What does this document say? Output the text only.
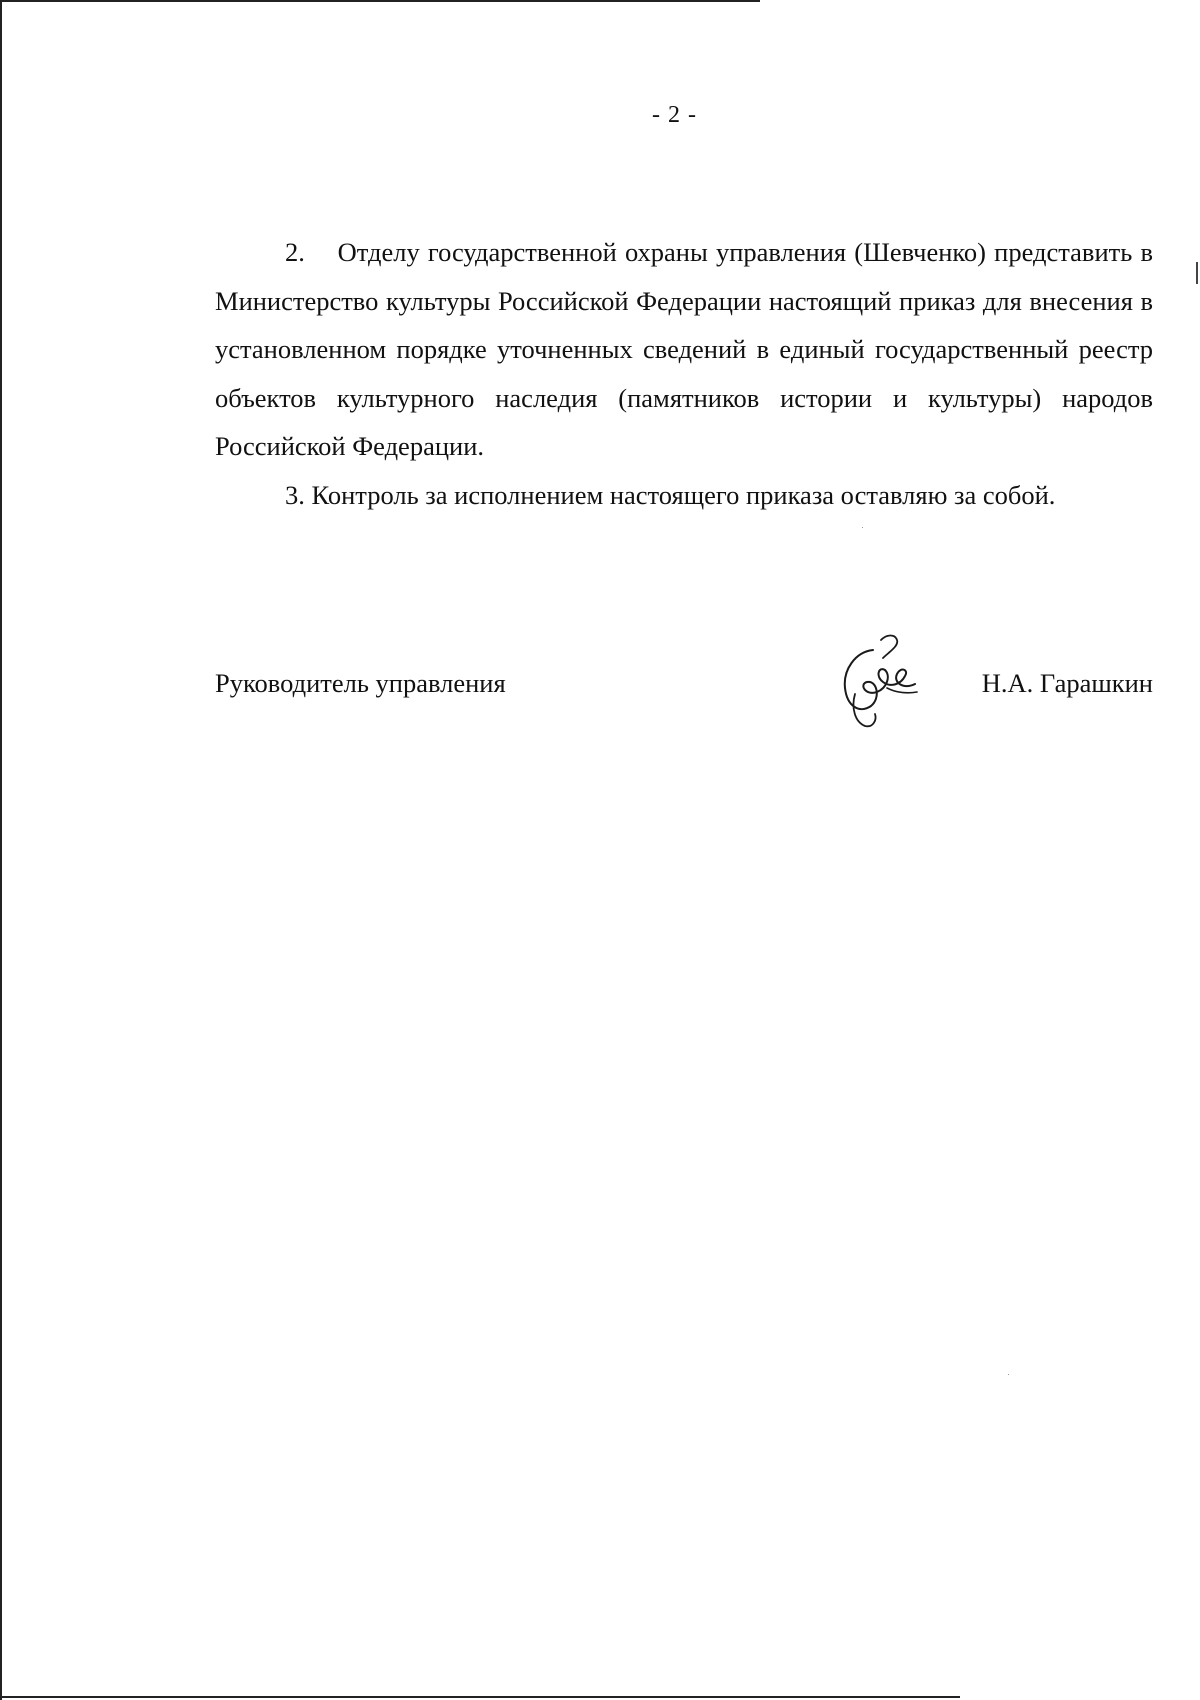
- 2 -

2.    Отделу государственной охраны управления (Шевченко) представить в Министерство культуры Российской Федерации настоящий приказ для внесения в установленном порядке уточненных сведений в единый государственный реестр объектов культурного наследия (памятников истории и культуры) народов Российской Федерации.

3. Контроль за исполнением настоящего приказа оставляю за собой.

Руководитель управления	Н.А. Гарашкин
